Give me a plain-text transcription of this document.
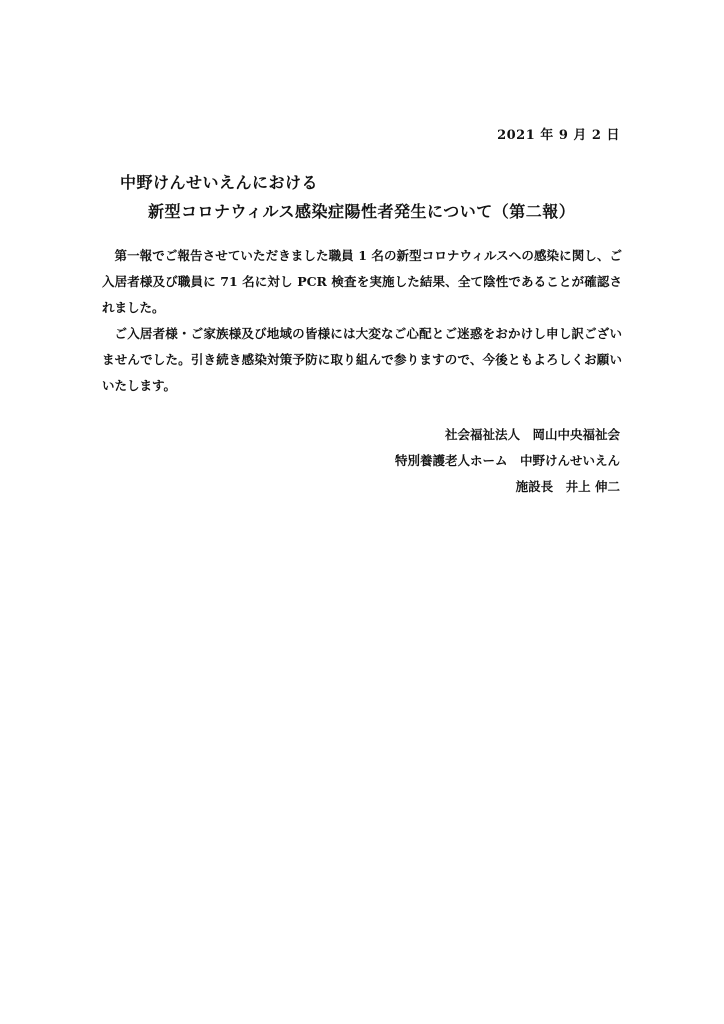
2021 年 9 月 2 日
中野けんせいえんにおける
新型コロナウィルス感染症陽性者発生について（第二報）

第一報でご報告させていただきました職員 1 名の新型コロナウィルスへの感染に関し、ご入居者様及び職員に 71 名に対し PCR 検査を実施した結果、全て陰性であることが確認されました。

ご入居者様・ご家族様及び地域の皆様には大変なご心配とご迷惑をおかけし申し訳ございませんでした。引き続き感染対策予防に取り組んで参りますので、今後ともよろしくお願いいたします。

社会福祉法人　岡山中央福祉会
特別養護老人ホーム　中野けんせいえん
施設長　井上 伸二
